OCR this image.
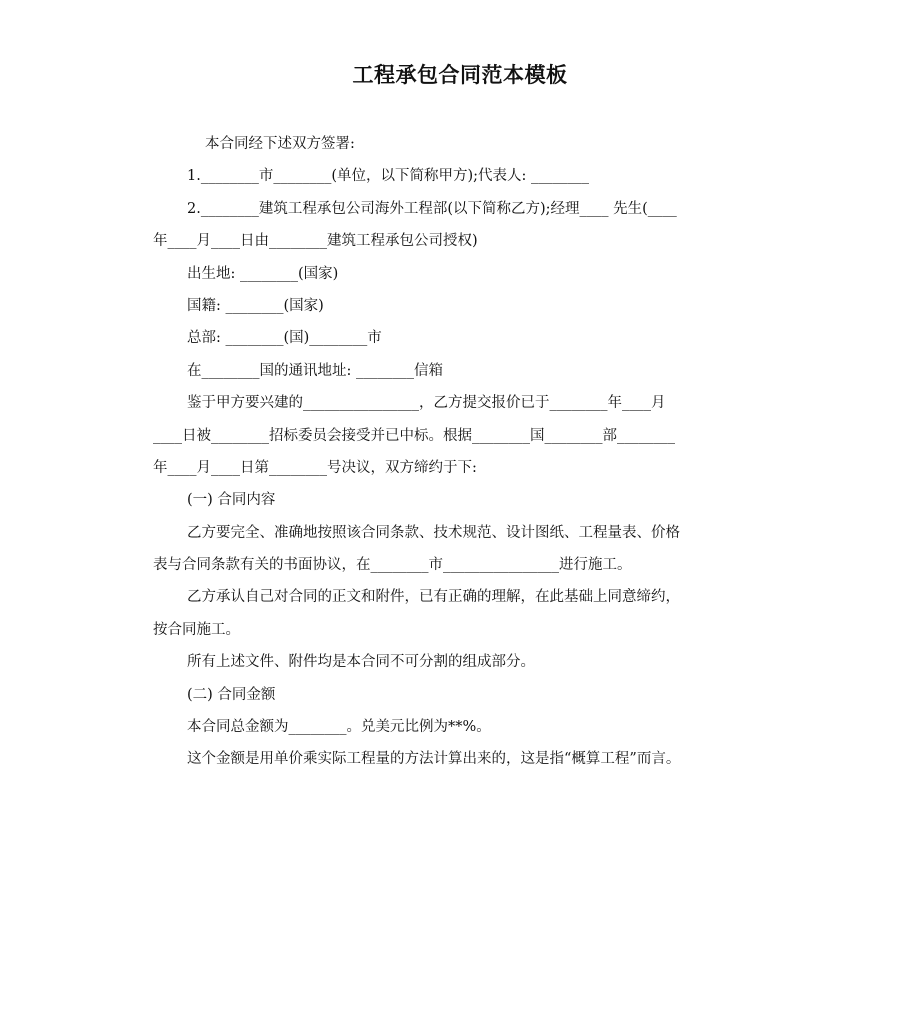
工程承包合同范本模板
本合同经下述双方签署:
1.________市________(单位，以下简称甲方);代表人: ________
2.________建筑工程承包公司海外工程部(以下简称乙方);经理____ 先生(____
年____月____日由________建筑工程承包公司授权)
出生地: ________(国家)
国籍: ________(国家)
总部: ________(国)________市
在________国的通讯地址: ________信箱
鉴于甲方要兴建的________________，乙方提交报价已于________年____月
____日被________招标委员会接受并已中标。根据________国________部________
年____月____日第________号决议，双方缔约于下:
(一) 合同内容
乙方要完全、准确地按照该合同条款、技术规范、设计图纸、工程量表、价格
表与合同条款有关的书面协议，在________市________________进行施工。
乙方承认自己对合同的正文和附件，已有正确的理解，在此基础上同意缔约，
按合同施工。
所有上述文件、附件均是本合同不可分割的组成部分。
(二) 合同金额
本合同总金额为________。兑美元比例为**%。
这个金额是用单价乘实际工程量的方法计算出来的，这是指“概算工程”而言。
